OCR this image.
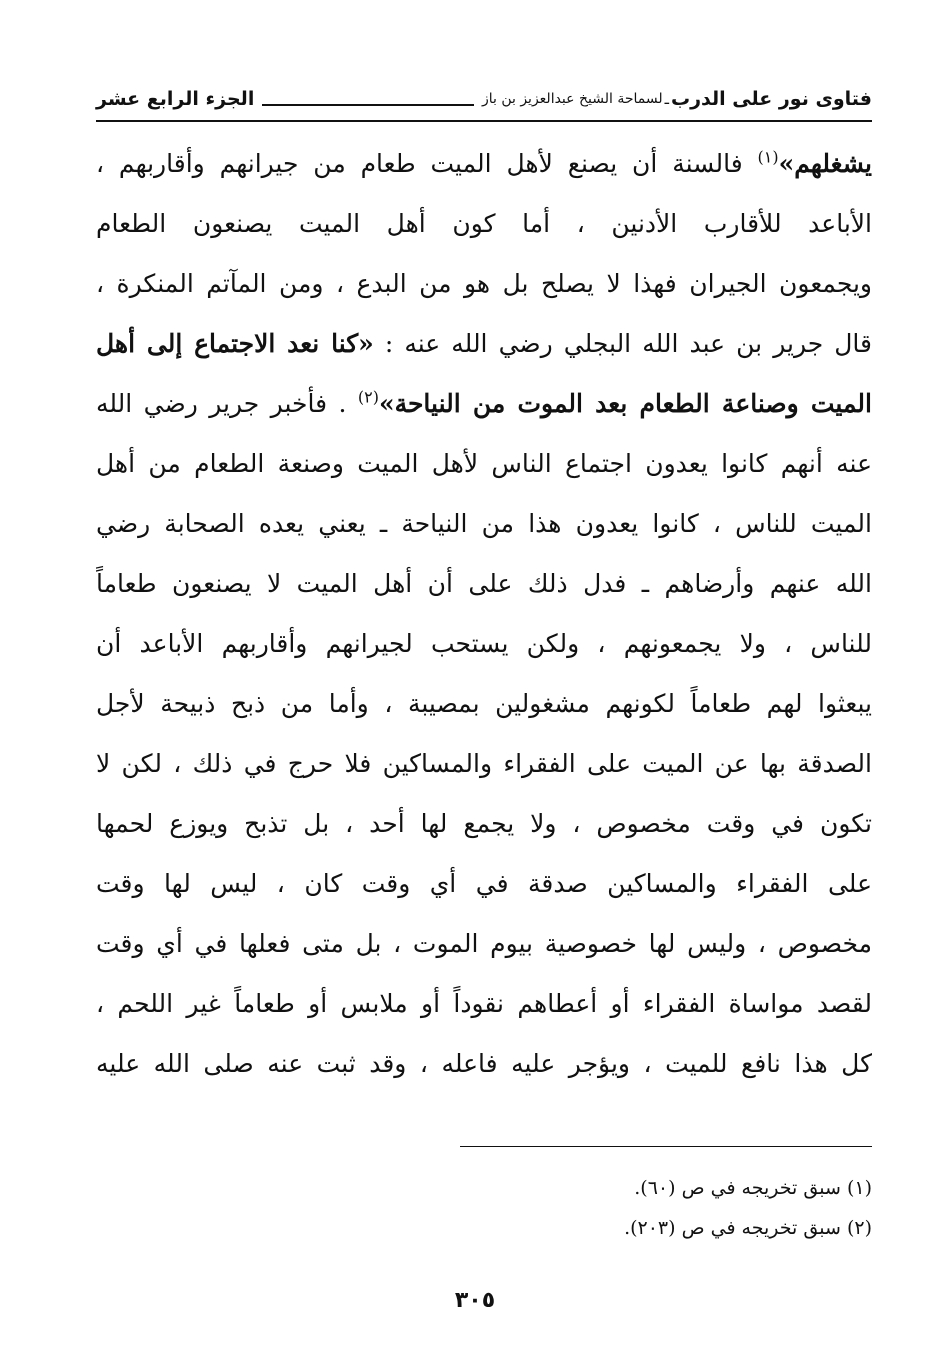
فتاوى نور على الدرب
ـ
لسماحة الشيخ عبدالعزيز بن باز
الجزء الرابع عشر
يشغلهم»$^{(١)}$ فالسنة أن يصنع لأهل الميت طعام من جيرانهم وأقاربهم ،
الأباعد للأقارب الأدنين ، أما كون أهل الميت يصنعون الطعام
ويجمعون الجيران فهذا لا يصلح بل هو من البدع ، ومن المآتم المنكرة ،
قال جرير بن عبد الله البجلي رضي الله عنه : «كنا نعد الاجتماع إلى أهل
الميت وصناعة الطعام بعد الموت من النياحة»$^{(٢)}$ . فأخبر جرير رضي الله
عنه أنهم كانوا يعدون اجتماع الناس لأهل الميت وصنعة الطعام من أهل
الميت للناس ، كانوا يعدون هذا من النياحة ـ يعني يعده الصحابة رضي
الله عنهم وأرضاهم ـ فدل ذلك على أن أهل الميت لا يصنعون طعاماً
للناس ، ولا يجمعونهم ، ولكن يستحب لجيرانهم وأقاربهم الأباعد أن
يبعثوا لهم طعاماً لكونهم مشغولين بمصيبة ، وأما من ذبح ذبيحة لأجل
الصدقة بها عن الميت على الفقراء والمساكين فلا حرج في ذلك ، لكن لا
تكون في وقت مخصوص ، ولا يجمع لها أحد ، بل تذبح ويوزع لحمها
على الفقراء والمساكين صدقة في أي وقت كان ، ليس لها وقت
مخصوص ، وليس لها خصوصية بيوم الموت ، بل متى فعلها في أي وقت
لقصد مواساة الفقراء أو أعطاهم نقوداً أو ملابس أو طعاماً غير اللحم ،
كل هذا نافع للميت ، ويؤجر عليه فاعله ، وقد ثبت عنه صلى الله عليه
(١) سبق تخريجه في ص (٦٠).
(٢) سبق تخريجه في ص (٢٠٣).
٣٠٥
